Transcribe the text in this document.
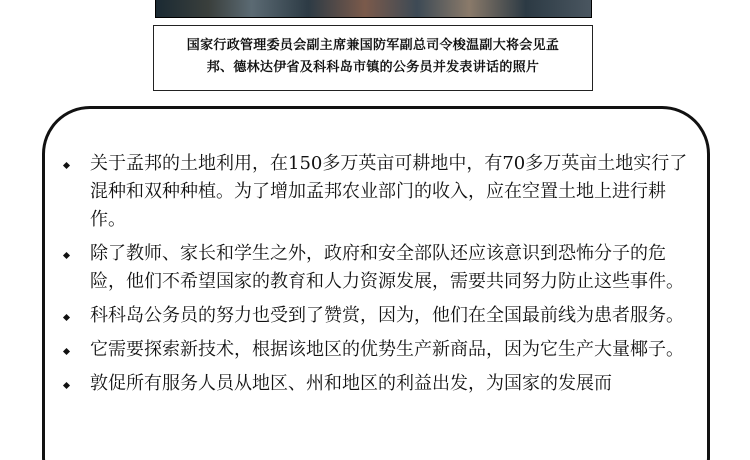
国家行政管理委员会副主席兼国防军副总司令梭温副大将会见孟
邦、德林达伊省及科科岛市镇的公务员并发表讲话的照片
关于孟邦的土地利用，在150多万英亩可耕地中，有70多万英亩土地实行了混种和双种种植。为了增加孟邦农业部门的收入，应在空置土地上进行耕作。
除了教师、家长和学生之外，政府和安全部队还应该意识到恐怖分子的危险，他们不希望国家的教育和人力资源发展，需要共同努力防止这些事件。
科科岛公务员的努力也受到了赞赏，因为，他们在全国最前线为患者服务。
它需要探索新技术，根据该地区的优势生产新商品，因为它生产大量椰子。
敦促所有服务人员从地区、州和地区的利益出发，为国家的发展而
